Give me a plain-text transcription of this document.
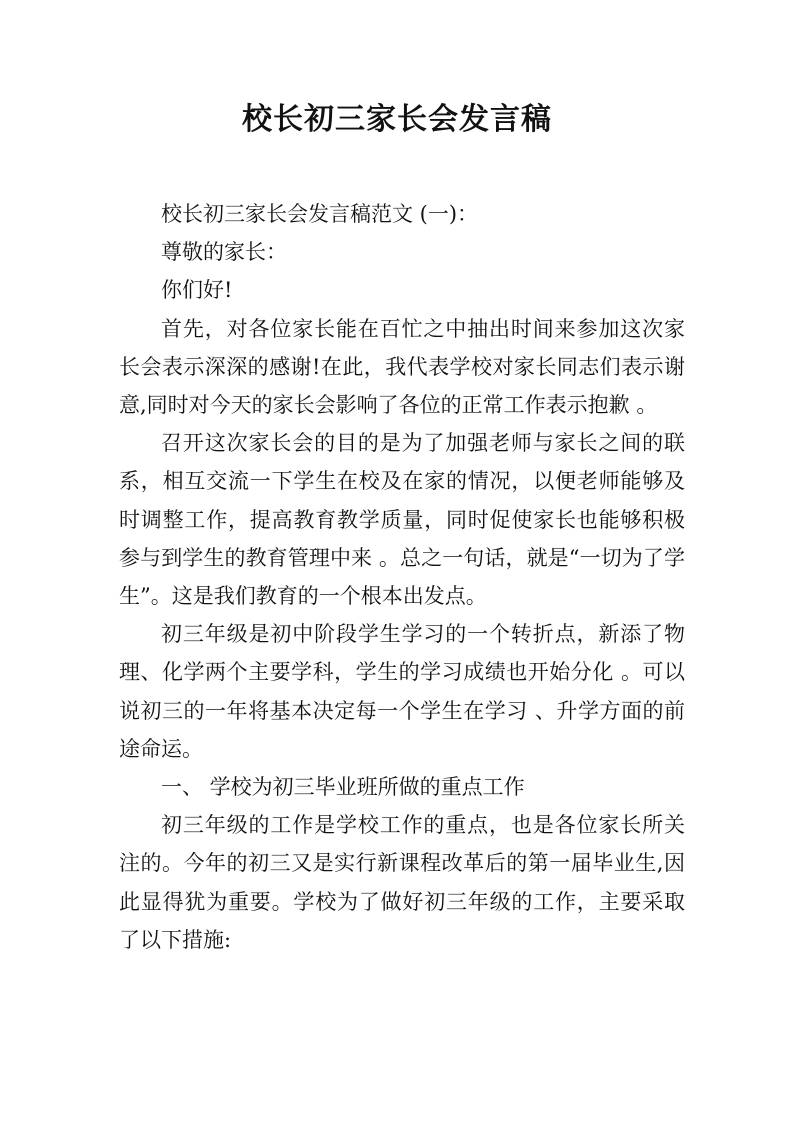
校长初三家长会发言稿

校长初三家长会发言稿范文 (一)：

尊敬的家长：

你们好!

首先，对各位家长能在百忙之中抽出时间来参加这次家长会表示深深的感谢!在此，我代表学校对家长同志们表示谢意,同时对今天的家长会影响了各位的正常工作表示抱歉 。

召开这次家长会的目的是为了加强老师与家长之间的联系，相互交流一下学生在校及在家的情况，以便老师能够及时调整工作，提高教育教学质量，同时促使家长也能够积极参与到学生的教育管理中来 。总之一句话，就是“一切为了学生”。这是我们教育的一个根本出发点。

初三年级是初中阶段学生学习的一个转折点，新添了物理、化学两个主要学科，学生的学习成绩也开始分化 。可以说初三的一年将基本决定每一个学生在学习 、升学方面的前途命运。

一、 学校为初三毕业班所做的重点工作

初三年级的工作是学校工作的重点，也是各位家长所关注的。今年的初三又是实行新课程改革后的第一届毕业生,因此显得犹为重要。学校为了做好初三年级的工作，主要采取了以下措施:
